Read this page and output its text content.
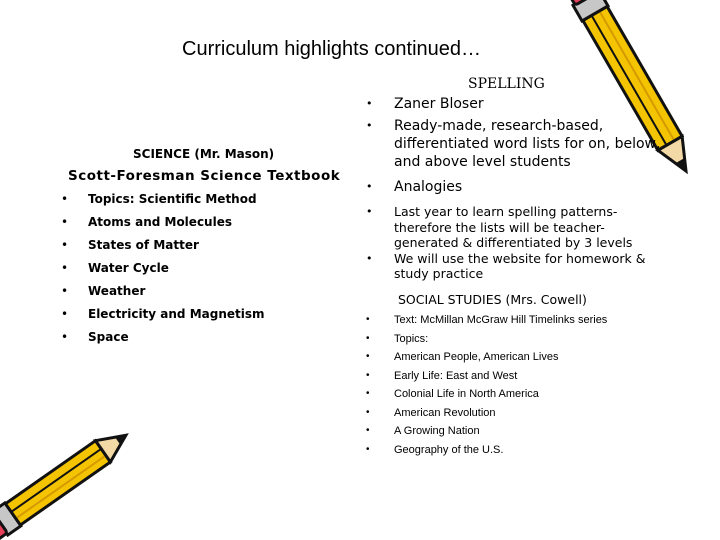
Curriculum highlights continued…
SCIENCE (Mr. Mason)
Scott-Foresman Science Textbook
• Topics: Scientific Method
• Atoms and Molecules
• States of Matter
• Water Cycle
• Weather
• Electricity and Magnetism
• Space
SPELLING
• Zaner Bloser
• Ready-made, research-based, differentiated word lists for on, below, and above level students
• Analogies
• Last year to learn spelling patterns- therefore the lists will be teacher-generated & differentiated by 3 levels
• We will use the website for homework & study practice
SOCIAL STUDIES (Mrs. Cowell)
• Text: McMillan McGraw Hill Timelinks series
• Topics:
• American People, American Lives
• Early Life: East and West
• Colonial Life in North America
• American Revolution
• A Growing Nation
• Geography of the U.S.
